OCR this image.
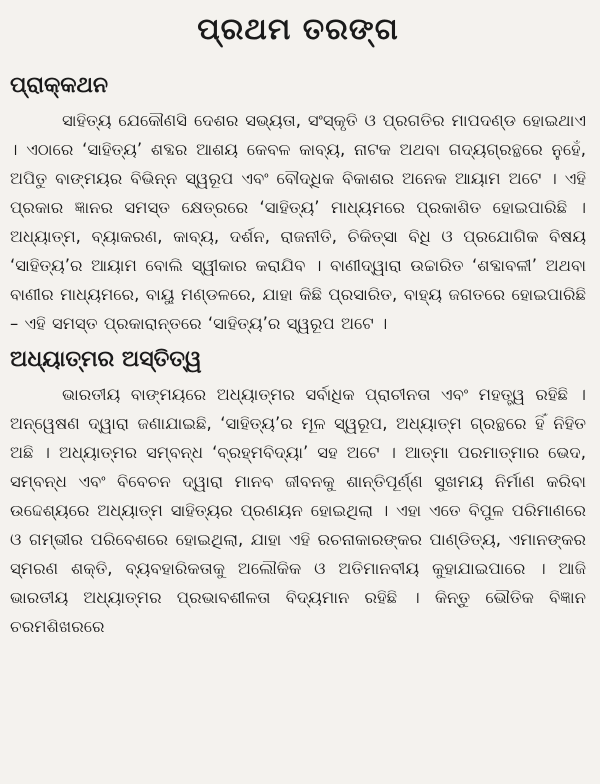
ପ୍ରଥମ ତରଙ୍ଗ
ପ୍ରାକ୍‌କଥନ

ସାହିତ୍ୟ ଯେକୌଣସି ଦେଶର ସଭ୍ୟତା, ସଂସ୍କୃତି ଓ ପ୍ରଗତିର ମାପଦଣ୍ଡ ହୋଇଥାଏ । ଏଠାରେ ‘ସାହିତ୍ୟ’ ଶବ୍ଦର ଆଶୟ କେବଳ କାବ୍ୟ, ନାଟକ ଅଥବା ଗଦ୍ୟଗ୍ରନ୍ଥରେ ନୁହେଁ, ଅପିତୁ ବାଙ୍ମୟର ବିଭିନ୍ନ ସ୍ୱରୂପ ଏବଂ ବୌଦ୍ଧିକ ବିକାଶର ଅନେକ ଆୟାମ ଅଟେ । ଏହି ପ୍ରକାର ଜ୍ଞାନର ସମସ୍ତ କ୍ଷେତ୍ରରେ ‘ସାହିତ୍ୟ’ ମାଧ୍ୟମରେ ପ୍ରକାଶିତ ହୋଇପାରିଛି । ଅଧ୍ୟାତ୍ମ, ବ୍ୟାକରଣ, କାବ୍ୟ, ଦର୍ଶନ, ରାଜନୀତି, ଚିକିତ୍ସା ବିଧି ଓ ପ୍ରଯୋଗିକ ବିଷୟ ‘ସାହିତ୍ୟ’ର ଆୟାମ ବୋଲି ସ୍ୱୀକାର କରାଯିବ । ବାଣୀଦ୍ୱାରା ଉଚ୍ଚାରିତ ‘ଶବ୍ଦାବଳୀ’ ଅଥବା ବାଣୀର ମାଧ୍ୟମରେ, ବାୟୁ ମଣ୍ଡଳରେ, ଯାହା କିଛି ପ୍ରସାରିତ, ବାହ୍ୟ ଜଗତରେ ହୋଇପାରିଛି – ଏହି ସମସ୍ତ ପ୍ରକାରାନ୍ତରେ ‘ସାହିତ୍ୟ’ର ସ୍ୱରୂପ ଅଟେ ।

ଅଧ୍ୟାତ୍ମର ଅସ୍ତିତ୍ୱ

ଭାରତୀୟ ବାଙ୍ମୟରେ ଅଧ୍ୟାତ୍ମର ସର୍ବାଧିକ ପ୍ରାଚୀନତା ଏବଂ ମହତ୍ତ୍ୱ ରହିଛି । ଅନ୍ୱେଷଣ ଦ୍ୱାରା ଜଣାଯାଇଛି, ‘ସାହିତ୍ୟ’ର ମୂଳ ସ୍ୱରୂପ, ଅଧ୍ୟାତ୍ମ ଗ୍ରନ୍ଥରେ ହିଁ ନିହିତ ଅଛି । ଅଧ୍ୟାତ୍ମର ସମ୍ବନ୍ଧ ‘ବ୍ରହ୍ମବିଦ୍ୟା’ ସହ ଅଟେ । ଆତ୍ମା ପରମାତ୍ମାର ଭେଦ, ସମ୍ବନ୍ଧ ଏବଂ ବିବେଚନ ଦ୍ୱାରା ମାନବ ଜୀବନକୁ ଶାନ୍ତିପୂର୍ଣ୍ଣ ସୁଖମୟ ନିର୍ମାଣ କରିବା ଉଦ୍ଦେଶ୍ୟରେ ଅଧ୍ୟାତ୍ମ ସାହିତ୍ୟର ପ୍ରଣୟନ ହୋଇଥିଲା । ଏହା ଏତେ ବିପୁଳ ପରିମାଣରେ ଓ ଗମ୍ଭୀର ପରିବେଶରେ ହୋଇଥିଲା, ଯାହା ଏହି ରଚନାକାରଙ୍କର ପାଣ୍ଡିତ୍ୟ, ଏମାନଙ୍କର ସ୍ମରଣ ଶକ୍ତି, ବ୍ୟବହାରିକତାକୁ ଅଲୌକିକ ଓ ଅତିମାନବୀୟ କୁହାଯାଇପାରେ । ଆଜି ଭାରତୀୟ ଅଧ୍ୟାତ୍ମର ପ୍ରଭାବଶୀଳତା ବିଦ୍ୟମାନ ରହିଛି । କିନ୍ତୁ ଭୌତିକ ବିଜ୍ଞାନ ଚରମଶିଖରରେ
